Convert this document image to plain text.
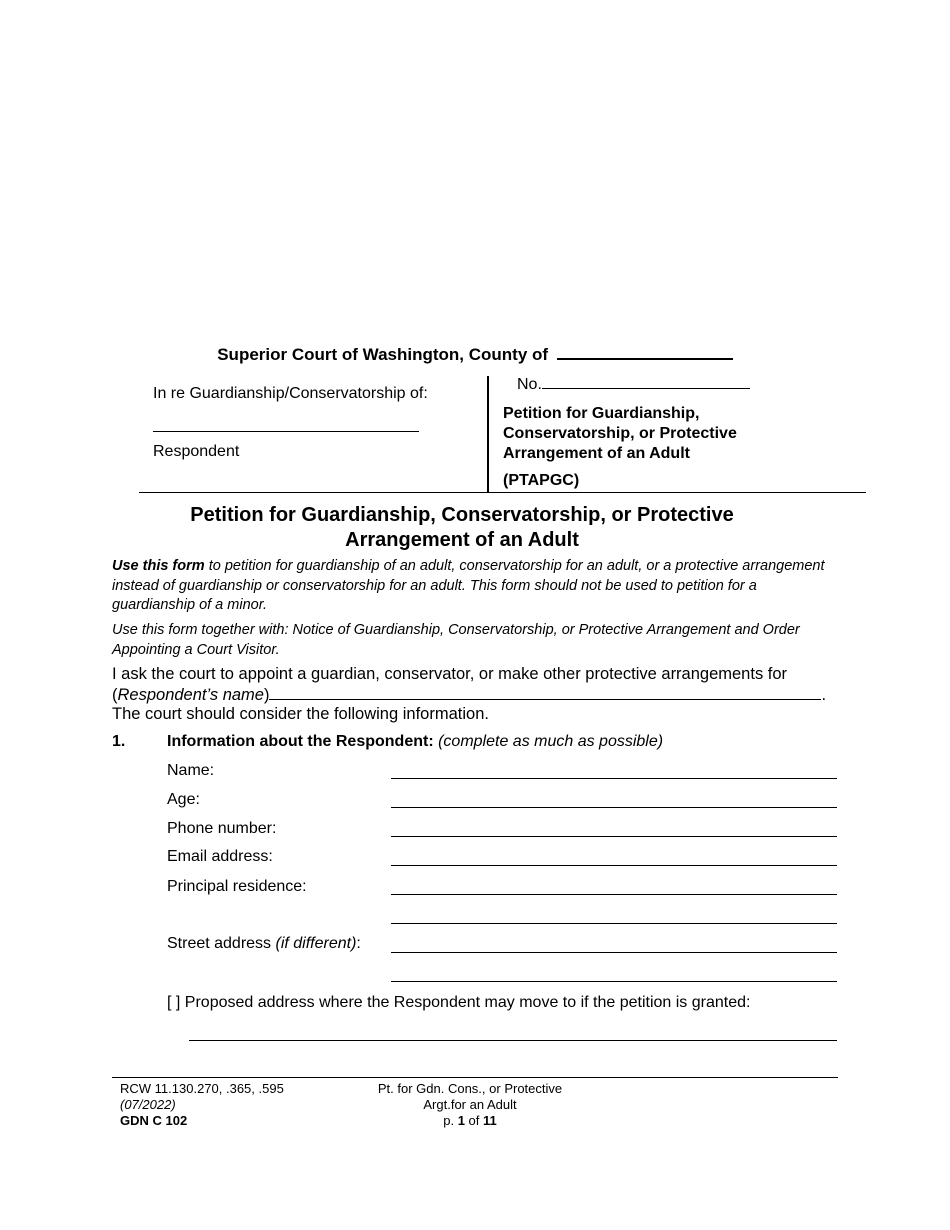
Superior Court of Washington, County of
In re Guardianship/Conservatorship of:
Respondent
No.
Petition for Guardianship,
Conservatorship, or Protective
Arrangement of an Adult
(PTAPGC)
Petition for Guardianship, Conservatorship, or Protective
Arrangement of an Adult
Use this form to petition for guardianship of an adult, conservatorship for an adult, or a protective arrangement instead of guardianship or conservatorship for an adult. This form should not be used to petition for a guardianship of a minor.
Use this form together with: Notice of Guardianship, Conservatorship, or Protective Arrangement and Order Appointing a Court Visitor.
I ask the court to appoint a guardian, conservator, or make other protective arrangements for
(Respondent’s name)	.
The court should consider the following information.
1.	Information about the Respondent: (complete as much as possible)
Name:
Age:
Phone number:
Email address:
Principal residence:
Street address (if different):
[ ] Proposed address where the Respondent may move to if the petition is granted:
RCW 11.130.270, .365, .595
(07/2022)
GDN C 102
Pt. for Gdn. Cons., or Protective
Argt.for an Adult
p. 1 of 11
